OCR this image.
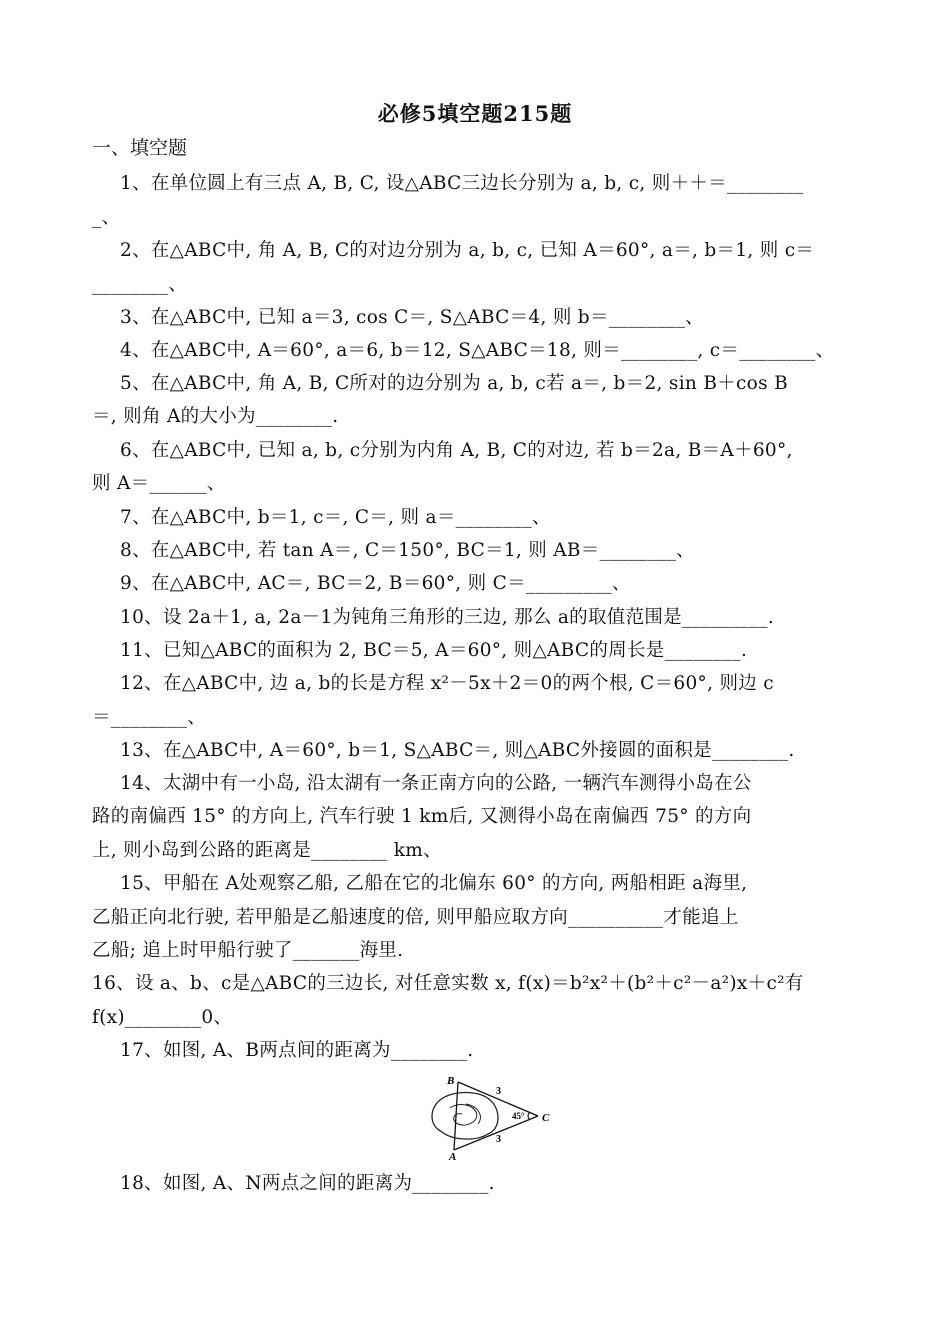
必修5填空题215题
一、填空题
1、在单位圆上有三点 A, B, C, 设△ABC三边长分别为 a, b, c, 则＋＋＝________
_、
2、在△ABC中, 角 A, B, C的对边分别为 a, b, c, 已知 A＝60°, a＝, b＝1, 则 c＝
________、
3、在△ABC中, 已知 a＝3, cos C＝, S△ABC＝4, 则 b＝________、
4、在△ABC中, A＝60°, a＝6, b＝12, S△ABC＝18, 则＝________, c＝________、
5、在△ABC中, 角 A, B, C所对的边分别为 a, b, c若 a＝, b＝2, sin B＋cos B
＝, 则角 A的大小为________.
6、在△ABC中, 已知 a, b, c分别为内角 A, B, C的对边, 若 b＝2a, B＝A＋60°,
则 A＝______、
7、在△ABC中, b＝1, c＝, C＝, 则 a＝________、
8、在△ABC中, 若 tan A＝, C＝150°, BC＝1, 则 AB＝________、
9、在△ABC中, AC＝, BC＝2, B＝60°, 则 C＝_________、
10、设 2a＋1, a, 2a－1为钝角三角形的三边, 那么 a的取值范围是_________.
11、已知△ABC的面积为 2, BC＝5, A＝60°, 则△ABC的周长是________.
12、在△ABC中, 边 a, b的长是方程 x²－5x＋2＝0的两个根, C＝60°, 则边 c
＝________、
13、在△ABC中, A＝60°, b＝1, S△ABC＝, 则△ABC外接圆的面积是________.
14、太湖中有一小岛, 沿太湖有一条正南方向的公路, 一辆汽车测得小岛在公
路的南偏西 15° 的方向上, 汽车行驶 1 km后, 又测得小岛在南偏西 75° 的方向
上, 则小岛到公路的距离是________ km、
15、甲船在 A处观察乙船, 乙船在它的北偏东 60° 的方向, 两船相距 a海里,
乙船正向北行驶, 若甲船是乙船速度的倍, 则甲船应取方向__________才能追上
乙船; 追上时甲船行驶了_______海里.
16、设 a、b、c是△ABC的三边长, 对任意实数 x, f(x)＝b²x²＋(b²＋c²－a²)x＋c²有
f(x)________0、
17、如图, A、B两点间的距离为________.
B
A
C
3
3
45°
18、如图, A、N两点之间的距离为________.
